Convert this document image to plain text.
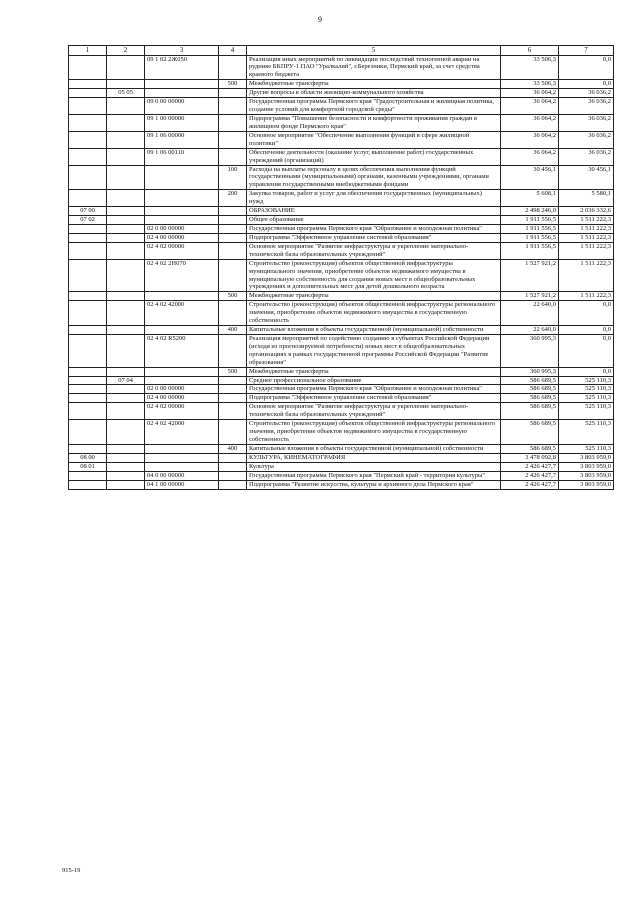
9
1	2	3	4	5	6	7
		09 1 02 2Ж050		Реализация иных мероприятий по ликвидации последствий техногенной аварии на руднике БКПРУ-1 ПАО "Уралкалий", г.Березники, Пермский край, за счет средства краевого бюджета	33 506,3	0,0
			500	Межбюджетные трансферты	33 506,3	0,0
	05 05			Другие вопросы в области жилищно-коммунального хозяйства	36 064,2	36 036,2
		09 0 00 00000		Государственная программа Пермского края "Градостроительная и жилищная политика, создание условий для комфортной городской среды"	36 064,2	36 036,2
		09 1 00 00000		Подпрограмма "Повышение безопасности и комфортности проживания граждан в жилищном фонде Пермского края"	36 064,2	36 036,2
		09 1 06 00000		Основное мероприятие "Обеспечение выполнения функций в сфере жилищной политики"	36 064,2	36 036,2
		09 1 06 00110		Обеспечение деятельности (оказание услуг, выполнение работ) государственных учреждений (организаций)	36 064,2	36 036,2
			100	Расходы на выплаты персоналу в целях обеспечения выполнения функций государственными (муниципальными) органами, казенными учреждениями, органами управления государственными внебюджетными фондами	30 456,1	30 456,1
			200	Закупка товаров, работ и услуг для обеспечения государственных (муниципальных) нужд	5 608,1	5 580,1
07 00				ОБРАЗОВАНИЕ	2 498 246,0	2 036 332,6
07 02				Общее образование	1 911 556,5	1 511 222,3
		02 0 00 00000		Государственная программа Пермского края "Образование и молодежная политика"	1 911 556,5	1 511 222,3
		02 4 00 00000		Подпрограмма "Эффективное управление системой образования"	1 911 556,5	1 511 222,3
		02 4 02 00000		Основное мероприятие "Развитие инфраструктуры и укрепление материально-технической базы образовательных учреждений"	1 911 556,5	1 511 222,3
		02 4 02 2Н070		Строительство (реконструкция) объектов общественной инфраструктуры муниципального значения, приобретение объектов недвижимого имущества в муниципальную собственность для создания новых мест в общеобразовательных учреждениях и дополнительных мест для детей дошкольного возраста	1 527 921,2	1 511 222,3
			500	Межбюджетные трансферты	1 527 921,2	1 511 222,3
		02 4 02 42000		Строительство (реконструкция) объектов общественной инфраструктуры регионального значения, приобретение объектов недвижимого имущества в государственную собственность	22 640,0	0,0
			400	Капитальные вложения в объекты государственной (муниципальной) собственности	22 640,0	0,0
		02 4 02 R5200		Реализация мероприятий по содействию созданию в субъектах Российской Федерации (исходя из прогнозируемой потребности) новых мест в общеобразовательных организациях в рамках государственной программы Российской Федерации "Развитие образования"	360 995,3	0,0
			500	Межбюджетные трансферты	360 995,3	0,0
	07 04			Среднее профессиональное образование	586 689,5	525 110,3
		02 0 00 00000		Государственная программа Пермского края "Образование и молодежная политика"	586 689,5	525 110,3
		02 4 00 00000		Подпрограмма "Эффективное управление системой образования"	586 689,5	525 110,3
		02 4 02 00000		Основное мероприятие "Развитие инфраструктуры и укрепление материально-технической базы образовательных учреждений"	586 689,5	525 110,3
		02 4 02 42000		Строительство (реконструкция) объектов общественной инфраструктуры регионального значения, приобретение объектов недвижимого имущества в государственную собственность	586 689,5	525 110,3
			400	Капитальные вложения в объекты государственной (муниципальной) собственности	586 689,5	525 110,3
08 00				КУЛЬТУРА, КИНЕМАТОГРАФИЯ	3 478 092,8	3 803 959,0
08 01				Культура	2 426 427,7	3 803 959,0
		04 0 00 00000		Государственная программа Пермского края "Пермский край - территория культуры"	2 426 427,7	3 803 959,0
		04 1 00 00000		Подпрограмма "Развитие искусства, культуры и архивного дела Пермского края"	2 426 427,7	3 803 959,0
915-19
